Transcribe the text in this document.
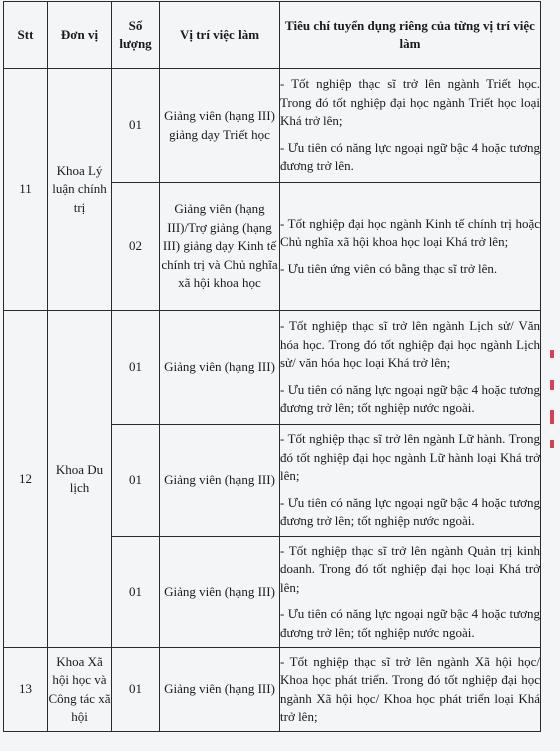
Stt	Đơn vị	Số lượng	Vị trí việc làm	Tiêu chí tuyển dụng riêng của từng vị trí việc làm
11	Khoa Lý luận chính trị	01	Giảng viên (hạng III) giảng dạy Triết học	- Tốt nghiệp thạc sĩ trở lên ngành Triết học. Trong đó tốt nghiệp đại học ngành Triết học loại Khá trở lên;

- Ưu tiên có năng lực ngoại ngữ bậc 4 hoặc tương đương trở lên.

		02	Giảng viên (hạng III)/Trợ giảng (hạng III) giảng dạy Kinh tế chính trị và Chủ nghĩa xã hội khoa học	- Tốt nghiệp đại học ngành Kinh tế chính trị hoặc Chủ nghĩa xã hội khoa học loại Khá trở lên;

- Ưu tiên ứng viên có bằng thạc sĩ trở lên.

12	Khoa Du lịch	01	Giảng viên (hạng III)	- Tốt nghiệp thạc sĩ trở lên ngành Lịch sử/ Văn hóa học. Trong đó tốt nghiệp đại học ngành Lịch sử/ văn hóa học loại Khá trở lên;

- Ưu tiên có năng lực ngoại ngữ bậc 4 hoặc tương đương trở lên; tốt nghiệp nước ngoài.

		01	Giảng viên (hạng III)	- Tốt nghiệp thạc sĩ trở lên ngành Lữ hành. Trong đó tốt nghiệp đại học ngành Lữ hành loại Khá trở lên;

- Ưu tiên có năng lực ngoại ngữ bậc 4 hoặc tương đương trở lên; tốt nghiệp nước ngoài.

		01	Giảng viên (hạng III)	- Tốt nghiệp thạc sĩ trở lên ngành Quản trị kinh doanh. Trong đó tốt nghiệp đại học loại Khá trở lên;

- Ưu tiên có năng lực ngoại ngữ bậc 4 hoặc tương đương trở lên; tốt nghiệp nước ngoài.

13	Khoa Xã hội học và Công tác xã hội	01	Giảng viên (hạng III)	- Tốt nghiệp thạc sĩ trở lên ngành Xã hội học/ Khoa học phát triển. Trong đó tốt nghiệp đại học ngành Xã hội học/ Khoa học phát triển loại Khá trở lên;
